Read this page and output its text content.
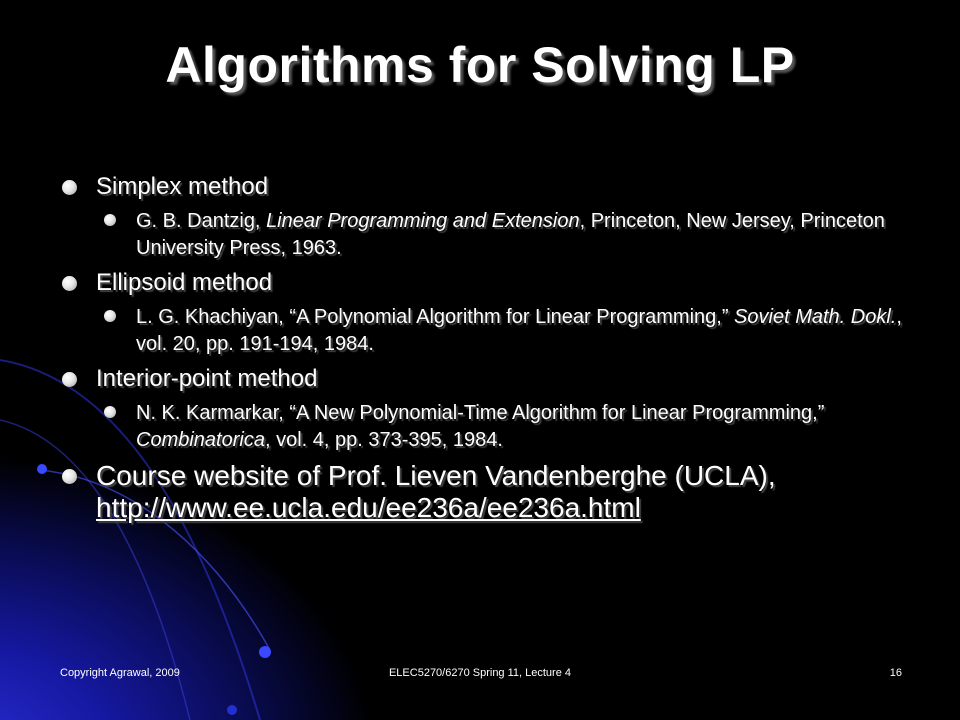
Algorithms for Solving LP
Simplex method
G. B. Dantzig, Linear Programming and Extension, Princeton, New Jersey, Princeton University Press, 1963.
Ellipsoid method
L. G. Khachiyan, “A Polynomial Algorithm for Linear Programming,” Soviet Math. Dokl., vol. 20, pp. 191-194, 1984.
Interior-point method
N. K. Karmarkar, “A New Polynomial-Time Algorithm for Linear Programming,” Combinatorica, vol. 4, pp. 373-395, 1984.
Course website of Prof. Lieven Vandenberghe (UCLA), http://www.ee.ucla.edu/ee236a/ee236a.html
Copyright Agrawal, 2009	ELEC5270/6270 Spring 11, Lecture 4	16
